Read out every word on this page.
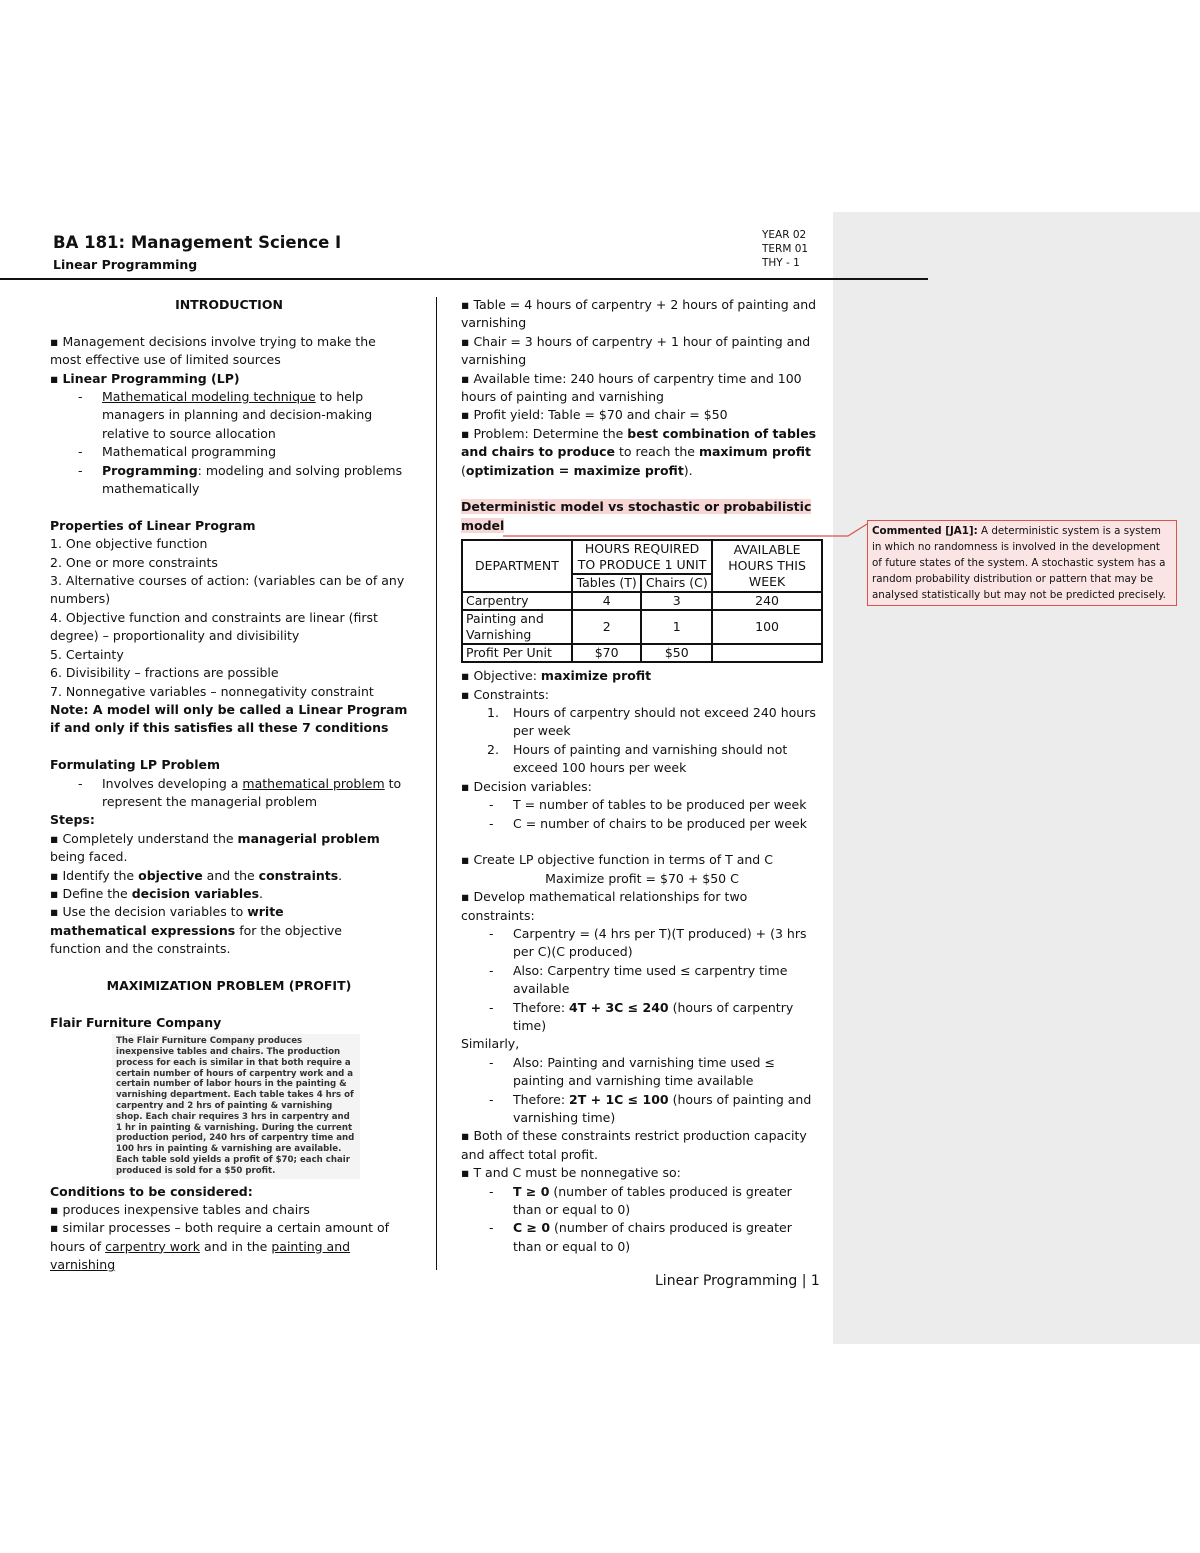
BA 181: Management Science I
Linear Programming
YEAR 02
TERM 01
THY - 1

INTRODUCTION

▪ Management decisions involve trying to make the most effective use of limited sources

▪ Linear Programming (LP)

- Mathematical modeling technique to help managers in planning and decision-making relative to source allocation

- Mathematical programming

- Programming: modeling and solving problems mathematically

Properties of Linear Program

1. One objective function

2. One or more constraints

3. Alternative courses of action: (variables can be of any numbers)

4. Objective function and constraints are linear (first degree) – proportionality and divisibility

5. Certainty

6. Divisibility – fractions are possible

7. Nonnegative variables – nonnegativity constraint

Note: A model will only be called a Linear Program if and only if this satisfies all these 7 conditions

Formulating LP Problem

- Involves developing a mathematical problem to represent the managerial problem

Steps:

▪ Completely understand the managerial problem being faced.

▪ Identify the objective and the constraints.

▪ Define the decision variables.

▪ Use the decision variables to write
mathematical expressions for the objective
function and the constraints.

MAXIMIZATION PROBLEM (PROFIT)

Flair Furniture Company

The Flair Furniture Company produces inexpensive tables and chairs. The production process for each is similar in that both require a certain number of hours of carpentry work and a certain number of labor hours in the painting & varnishing department. Each table takes 4 hrs of carpentry and 2 hrs of painting & varnishing shop. Each chair requires 3 hrs in carpentry and 1 hr in painting & varnishing. During the current production period, 240 hrs of carpentry time and 100 hrs in painting & varnishing are available. Each table sold yields a profit of $70; each chair produced is sold for a $50 profit.

Conditions to be considered:

▪ produces inexpensive tables and chairs

▪ similar processes – both require a certain amount of hours of carpentry work and in the painting and varnishing

▪ Table = 4 hours of carpentry + 2 hours of painting and varnishing

▪ Chair = 3 hours of carpentry + 1 hour of painting and varnishing

▪ Available time: 240 hours of carpentry time and 100 hours of painting and varnishing

▪ Profit yield: Table = $70 and chair = $50

▪ Problem: Determine the best combination of tables and chairs to produce to reach the maximum profit (optimization = maximize profit).

Deterministic model vs stochastic or probabilistic model

DEPARTMENT	HOURS REQUIRED TO PRODUCE 1 UNIT		AVAILABLE HOURS THIS WEEK
	Tables (T)	Chairs (C)	
Carpentry	4	3	240
Painting and Varnishing	2	1	100
Profit Per Unit	$70	$50	

▪ Objective: maximize profit

▪ Constraints:

1. Hours of carpentry should not exceed 240 hours per week

2. Hours of painting and varnishing should not exceed 100 hours per week

▪ Decision variables:

- T = number of tables to be produced per week

- C = number of chairs to be produced per week

▪ Create LP objective function in terms of T and C

Maximize profit = $70 + $50 C

▪ Develop mathematical relationships for two constraints:

- Carpentry = (4 hrs per T)(T produced) + (3 hrs per C)(C produced)

- Also: Carpentry time used ≤ carpentry time available

- Thefore: 4T + 3C ≤ 240 (hours of carpentry time)

Similarly,

- Also: Painting and varnishing time used ≤ painting and varnishing time available

- Thefore: 2T + 1C ≤ 100 (hours of painting and varnishing time)

▪ Both of these constraints restrict production capacity and affect total profit.

▪ T and C must be nonnegative so:

- T ≥ 0 (number of tables produced is greater than or equal to 0)

- C ≥ 0 (number of chairs produced is greater than or equal to 0)

Commented [JA1]: A deterministic system is a system in which no randomness is involved in the development of future states of the system. A stochastic system has a random probability distribution or pattern that may be analysed statistically but may not be predicted precisely.
Linear Programming | 1
